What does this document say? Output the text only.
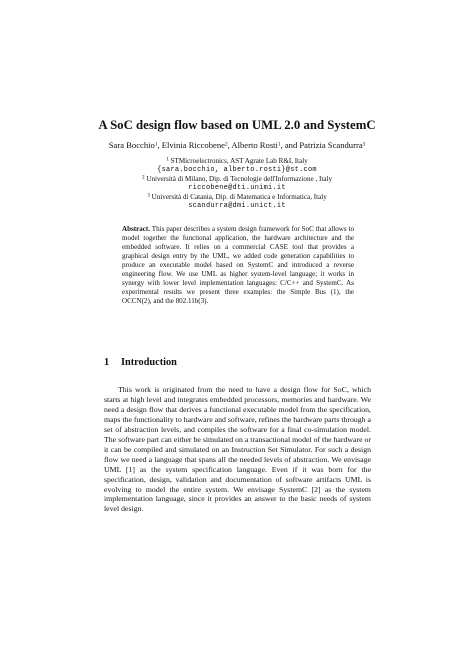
A SoC design flow based on UML 2.0 and SystemC
Sara Bocchio$^1$, Elvinia Riccobene$^2$, Alberto Rosti$^1$, and Patrizia Scandurra$^3$
$^1$ STMicroelectronics, AST Agrate Lab R&I, Italy
{sara.bocchio, alberto.rosti}@st.com
$^2$ Università di Milano, Dip. di Tecnologie dell'Informazione , Italy
riccobene@dti.unimi.it
$^3$ Università di Catania, Dip. di Matematica e Informatica, Italy
scandurra@dmi.unict.it

Abstract. This paper describes a system design framework for SoC that allows to model together the functional application, the hardware architecture and the embedded software. It relies on a commercial CASE tool that provides a graphical design entry by the UML, we added code generation capabilities to produce an executable model based on SystemC and introduced a reverse engineering flow. We use UML as higher system-level language; it works in synergy with lower level implementation languages: C/C++ and SystemC. As experimental results we present three examples: the Simple Bus (1), the OCCN(2), and the 802.11b(3).

1 Introduction

This work is originated from the need to have a design flow for SoC, which starts at high level and integrates embedded processors, memories and hardware. We need a design flow that derives a functional executable model from the specification, maps the functionality to hardware and software, refines the hardware parts through a set of abstraction levels, and compiles the software for a final co-simulation model. The software part can either be simulated on a transactional model of the hardware or it can be compiled and simulated on an Instruction Set Simulator. For such a design flow we need a language that spans all the needed levels of abstraction. We envisage UML [1] as the system specification language. Even if it was born for the specification, design, validation and documentation of software artifacts UML is evolving to model the entire system. We envisage SystemC [2] as the system implementation language, since it provides an answer to the basic needs of system level design.
